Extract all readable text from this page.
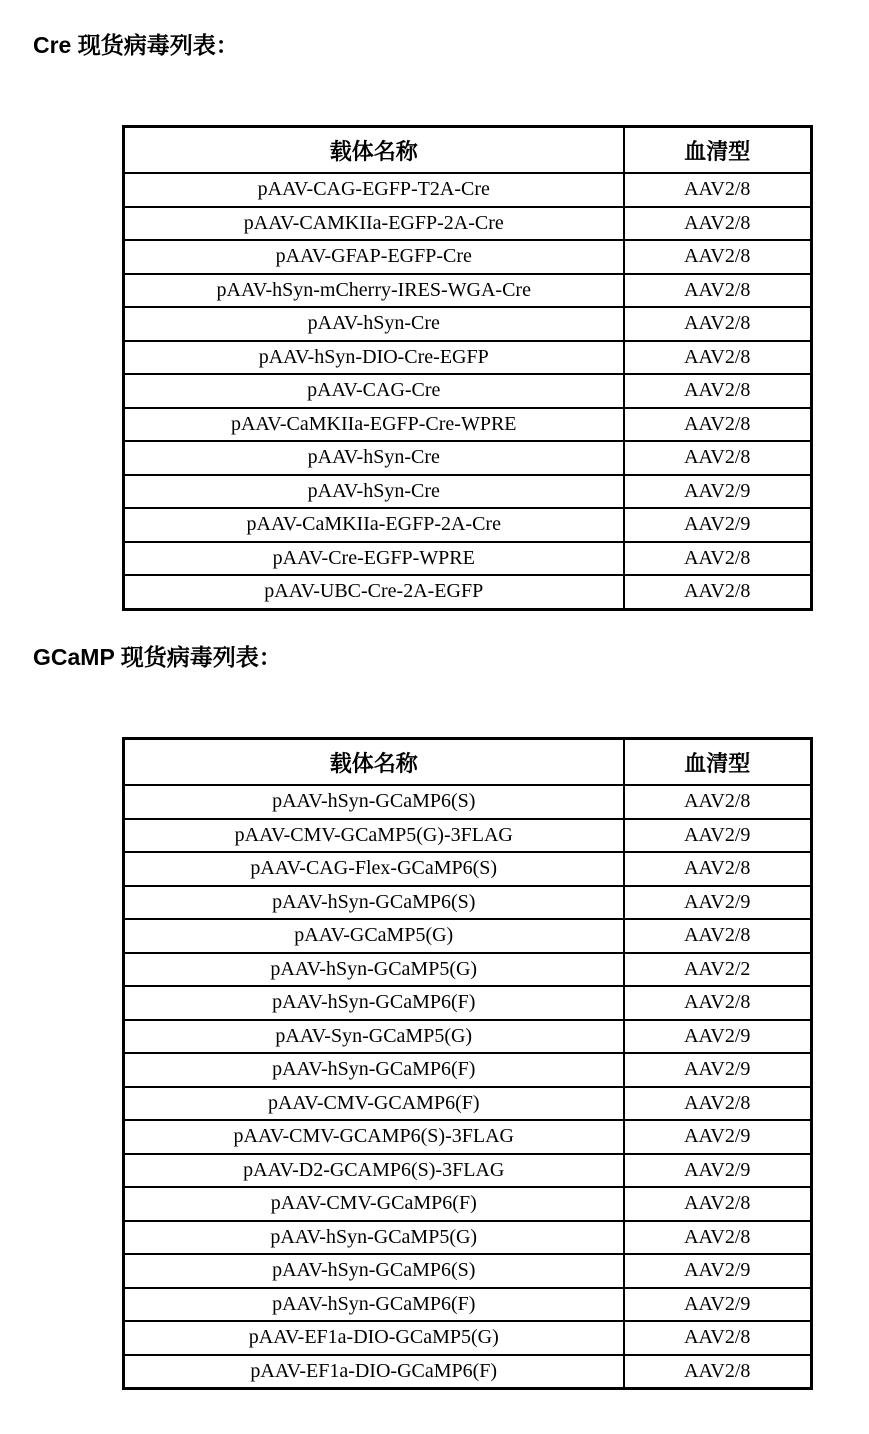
Cre 现货病毒列表：
载体名称	血清型
pAAV-CAG-EGFP-T2A-Cre	AAV2/8
pAAV-CAMKIIa-EGFP-2A-Cre	AAV2/8
pAAV-GFAP-EGFP-Cre	AAV2/8
pAAV-hSyn-mCherry-IRES-WGA-Cre	AAV2/8
pAAV-hSyn-Cre	AAV2/8
pAAV-hSyn-DIO-Cre-EGFP	AAV2/8
pAAV-CAG-Cre	AAV2/8
pAAV-CaMKIIa-EGFP-Cre-WPRE	AAV2/8
pAAV-hSyn-Cre	AAV2/8
pAAV-hSyn-Cre	AAV2/9
pAAV-CaMKIIa-EGFP-2A-Cre	AAV2/9
pAAV-Cre-EGFP-WPRE	AAV2/8
pAAV-UBC-Cre-2A-EGFP	AAV2/8
GCaMP 现货病毒列表：
载体名称	血清型
pAAV-hSyn-GCaMP6(S)	AAV2/8
pAAV-CMV-GCaMP5(G)-3FLAG	AAV2/9
pAAV-CAG-Flex-GCaMP6(S)	AAV2/8
pAAV-hSyn-GCaMP6(S)	AAV2/9
pAAV-GCaMP5(G)	AAV2/8
pAAV-hSyn-GCaMP5(G)	AAV2/2
pAAV-hSyn-GCaMP6(F)	AAV2/8
pAAV-Syn-GCaMP5(G)	AAV2/9
pAAV-hSyn-GCaMP6(F)	AAV2/9
pAAV-CMV-GCAMP6(F)	AAV2/8
pAAV-CMV-GCAMP6(S)-3FLAG	AAV2/9
pAAV-D2-GCAMP6(S)-3FLAG	AAV2/9
pAAV-CMV-GCaMP6(F)	AAV2/8
pAAV-hSyn-GCaMP5(G)	AAV2/8
pAAV-hSyn-GCaMP6(S)	AAV2/9
pAAV-hSyn-GCaMP6(F)	AAV2/9
pAAV-EF1a-DIO-GCaMP5(G)	AAV2/8
pAAV-EF1a-DIO-GCaMP6(F)	AAV2/8
